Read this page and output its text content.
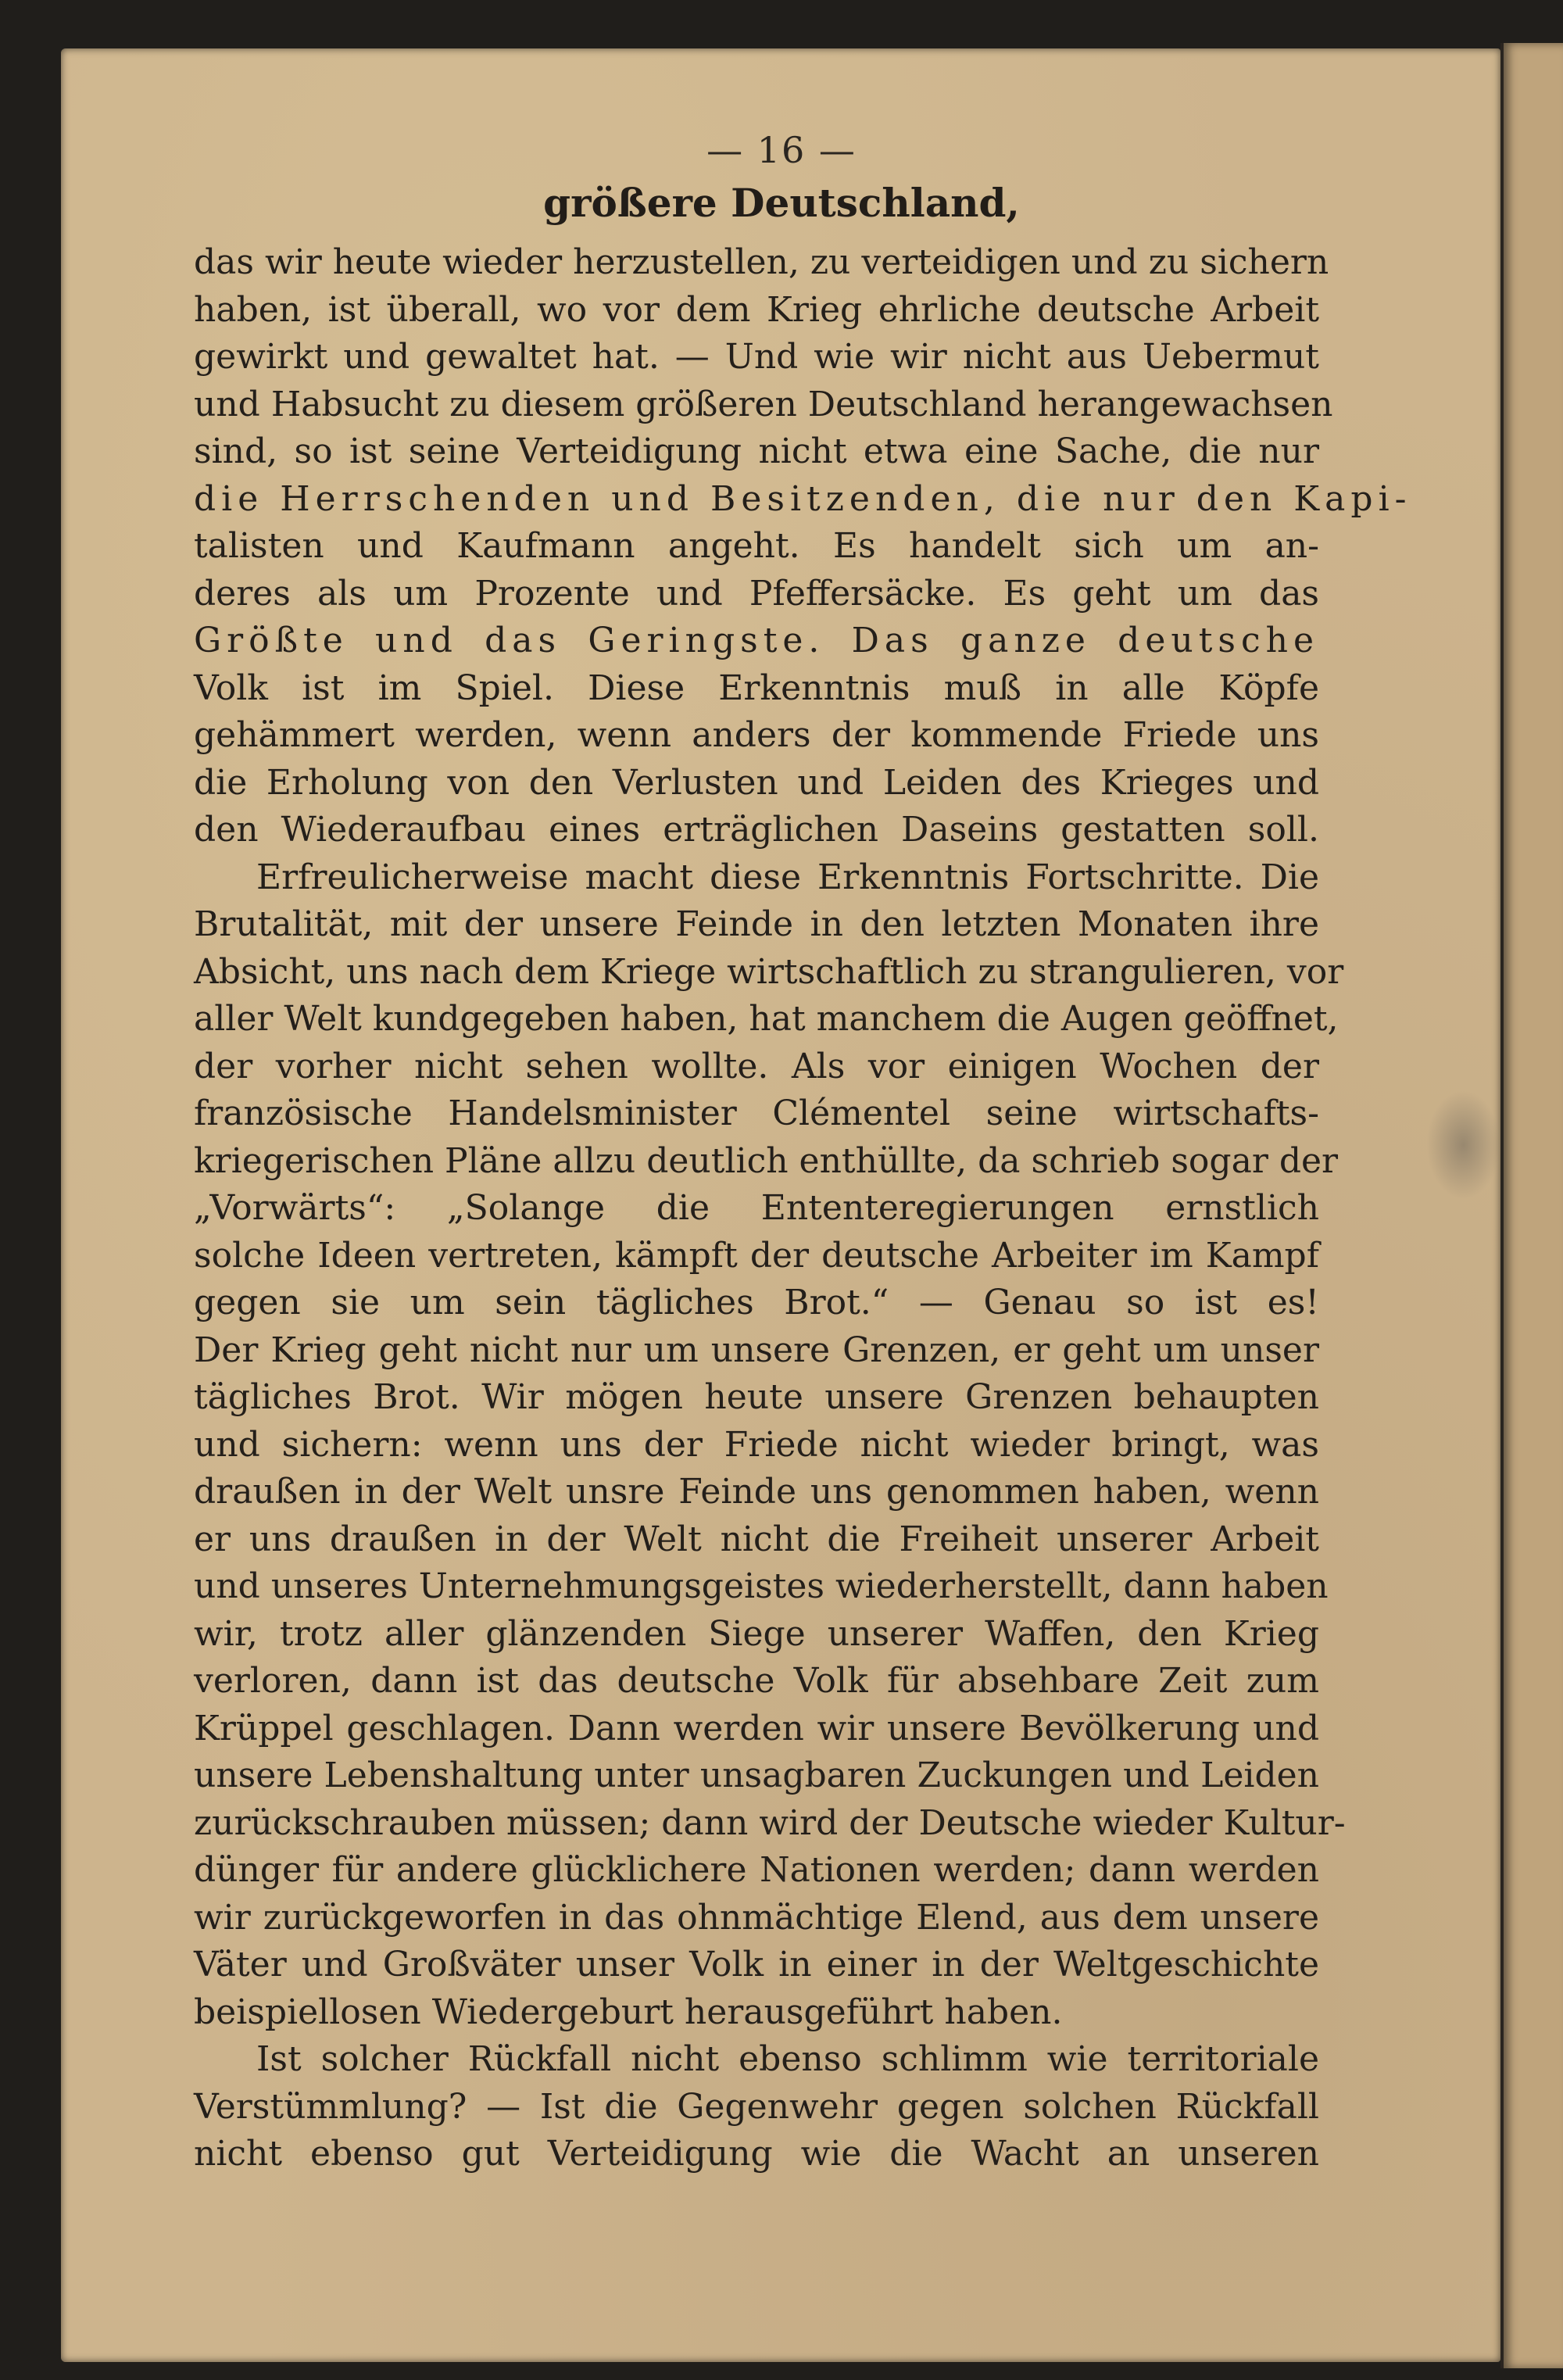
— 16 —
größere Deutschland,
das wir heute wieder herzustellen, zu verteidigen und zu sichern
haben, ist überall, wo vor dem Krieg ehrliche deutsche Arbeit
gewirkt und gewaltet hat. — Und wie wir nicht aus Uebermut
und Habsucht zu diesem größeren Deutschland herangewachsen
sind, so ist seine Verteidigung nicht etwa eine Sache, die nur
die Herrschenden und Besitzenden, die nur den Kapi-
talisten und Kaufmann angeht. Es handelt sich um an-
deres als um Prozente und Pfeffersäcke. Es geht um das
Größte und das Geringste. Das ganze deutsche
Volk ist im Spiel. Diese Erkenntnis muß in alle Köpfe
gehämmert werden, wenn anders der kommende Friede uns
die Erholung von den Verlusten und Leiden des Krieges und
den Wiederaufbau eines erträglichen Daseins gestatten soll.
Erfreulicherweise macht diese Erkenntnis Fortschritte. Die
Brutalität, mit der unsere Feinde in den letzten Monaten ihre
Absicht, uns nach dem Kriege wirtschaftlich zu strangulieren, vor
aller Welt kundgegeben haben, hat manchem die Augen geöffnet,
der vorher nicht sehen wollte. Als vor einigen Wochen der
französische Handelsminister Clémentel seine wirtschafts-
kriegerischen Pläne allzu deutlich enthüllte, da schrieb sogar der
„Vorwärts“: „Solange die Ententeregierungen ernstlich
solche Ideen vertreten, kämpft der deutsche Arbeiter im Kampf
gegen sie um sein tägliches Brot.“ — Genau so ist es!
Der Krieg geht nicht nur um unsere Grenzen, er geht um unser
tägliches Brot. Wir mögen heute unsere Grenzen behaupten
und sichern: wenn uns der Friede nicht wieder bringt, was
draußen in der Welt unsre Feinde uns genommen haben, wenn
er uns draußen in der Welt nicht die Freiheit unserer Arbeit
und unseres Unternehmungsgeistes wiederherstellt, dann haben
wir, trotz aller glänzenden Siege unserer Waffen, den Krieg
verloren, dann ist das deutsche Volk für absehbare Zeit zum
Krüppel geschlagen. Dann werden wir unsere Bevölkerung und
unsere Lebenshaltung unter unsagbaren Zuckungen und Leiden
zurückschrauben müssen; dann wird der Deutsche wieder Kultur-
dünger für andere glücklichere Nationen werden; dann werden
wir zurückgeworfen in das ohnmächtige Elend, aus dem unsere
Väter und Großväter unser Volk in einer in der Weltgeschichte
beispiellosen Wiedergeburt herausgeführt haben.
Ist solcher Rückfall nicht ebenso schlimm wie territoriale
Verstümmlung? — Ist die Gegenwehr gegen solchen Rückfall
nicht ebenso gut Verteidigung wie die Wacht an unseren
